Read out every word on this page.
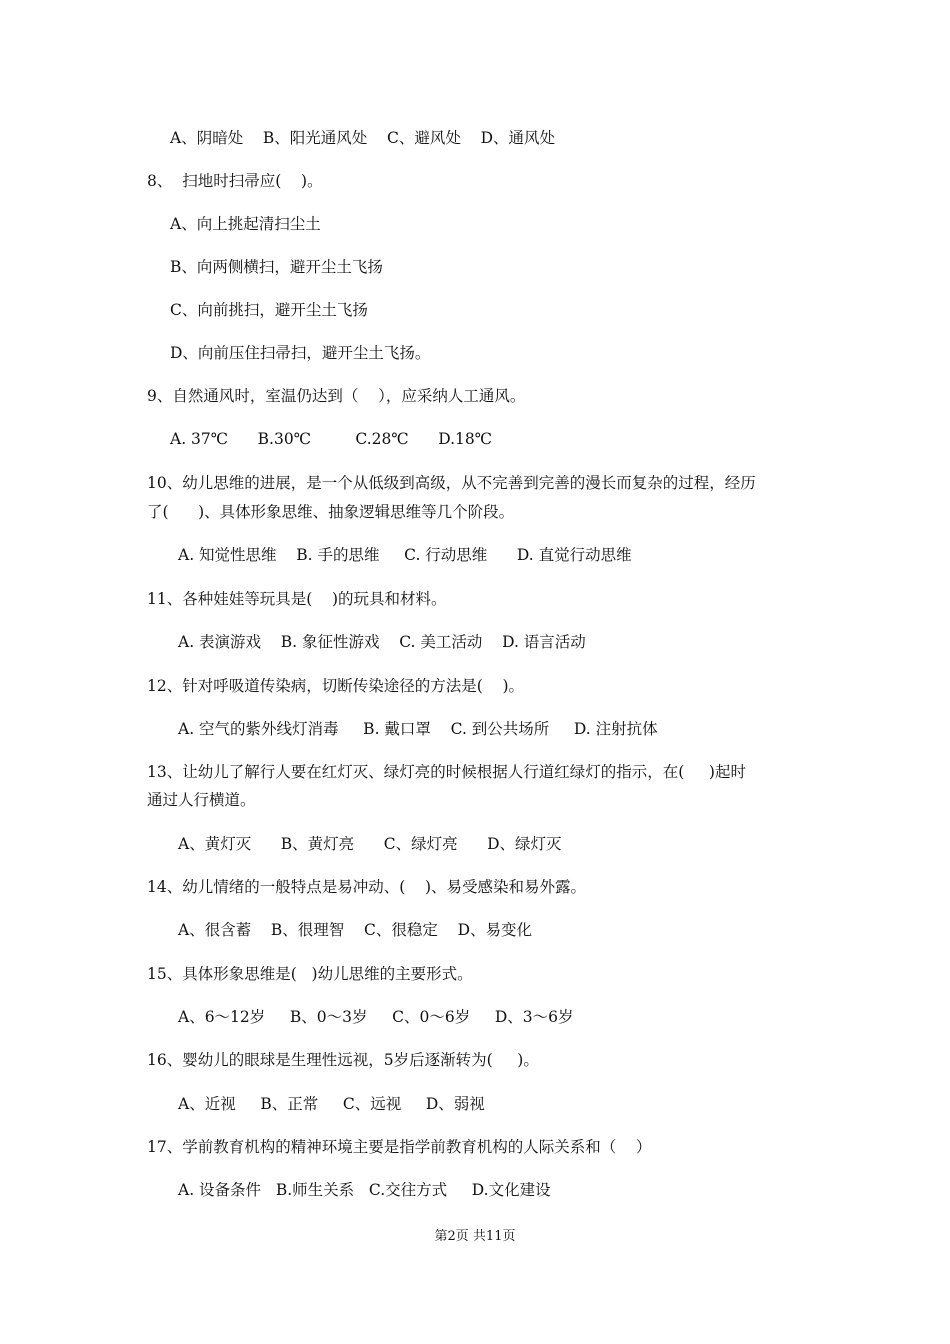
A、阴暗处    B、阳光通风处    C、避风处    D、通风处
8、  扫地时扫帚应(    )。
A、向上挑起清扫尘土
B、向两侧横扫，避开尘土飞扬
C、向前挑扫，避开尘土飞扬
D、向前压住扫帚扫，避开尘土飞扬。
9、自然通风时，室温仍达到（    ），应采纳人工通风。
A. 37℃      B.30℃         C.28℃      D.18℃
10、幼儿思维的进展，是一个从低级到高级，从不完善到完善的漫长而复杂的过程，经历
了(      )、具体形象思维、抽象逻辑思维等几个阶段。
A. 知觉性思维    B. 手的思维     C. 行动思维      D. 直觉行动思维
11、各种娃娃等玩具是(    )的玩具和材料。
A. 表演游戏    B. 象征性游戏    C. 美工活动    D. 语言活动
12、针对呼吸道传染病，切断传染途径的方法是(    )。
A. 空气的紫外线灯消毒     B. 戴口罩    C. 到公共场所     D. 注射抗体
13、让幼儿了解行人要在红灯灭、绿灯亮的时候根据人行道红绿灯的指示，在(     )起时
通过人行横道。
A、黄灯灭      B、黄灯亮      C、绿灯亮      D、绿灯灭
14、幼儿情绪的一般特点是易冲动、(    )、易受感染和易外露。
A、很含蓄    B、很理智    C、很稳定    D、易变化
15、具体形象思维是(   )幼儿思维的主要形式。
A、6～12岁     B、0～3岁     C、0～6岁     D、3～6岁
16、婴幼儿的眼球是生理性远视，5岁后逐渐转为(     )。
A、近视     B、正常     C、远视     D、弱视
17、学前教育机构的精神环境主要是指学前教育机构的人际关系和（    ）
A. 设备条件   B.师生关系   C.交往方式     D.文化建设
第2页 共11页
